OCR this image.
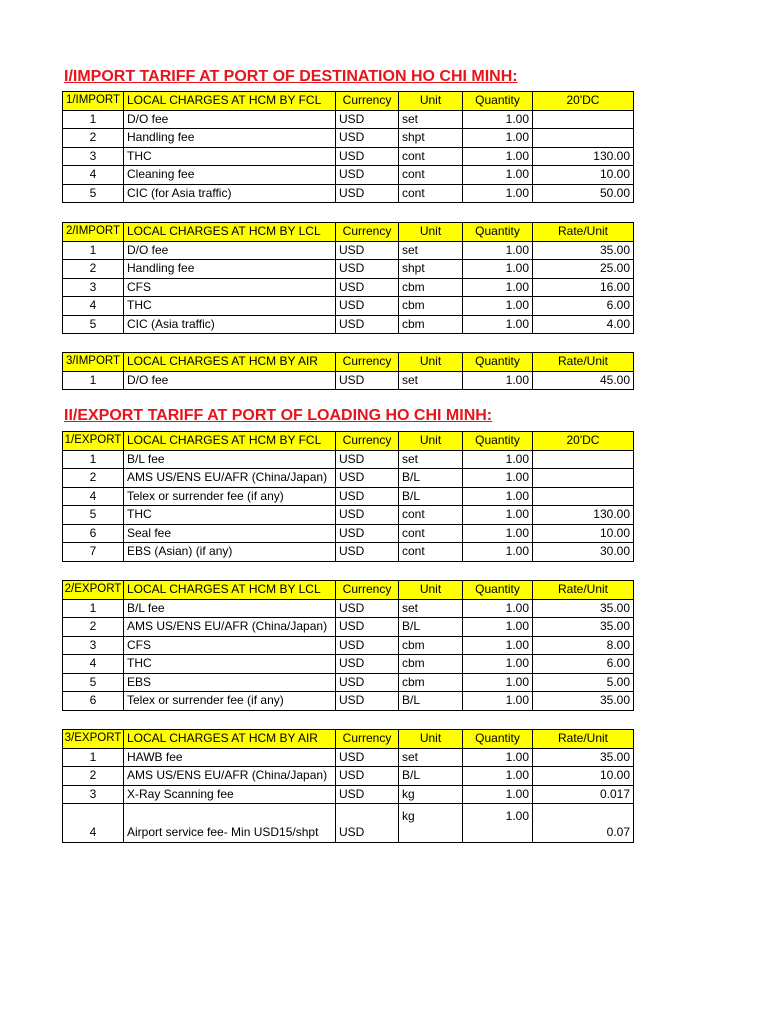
I/IMPORT TARIFF AT PORT OF DESTINATION HO CHI MINH:
1/IMPORT	LOCAL CHARGES AT HCM BY FCL	Currency	Unit	Quantity	20'DC
1	D/O fee	USD	set	1.00	
2	Handling fee	USD	shpt	1.00	
3	THC	USD	cont	1.00	130.00
4	Cleaning fee	USD	cont	1.00	10.00
5	CIC (for Asia traffic)	USD	cont	1.00	50.00
2/IMPORT	LOCAL CHARGES AT HCM BY LCL	Currency	Unit	Quantity	Rate/Unit
1	D/O fee	USD	set	1.00	35.00
2	Handling fee	USD	shpt	1.00	25.00
3	CFS	USD	cbm	1.00	16.00
4	THC	USD	cbm	1.00	6.00
5	CIC (Asia traffic)	USD	cbm	1.00	4.00
3/IMPORT	LOCAL CHARGES AT HCM BY AIR	Currency	Unit	Quantity	Rate/Unit
1	D/O fee	USD	set	1.00	45.00
II/EXPORT TARIFF AT PORT OF LOADING HO CHI MINH:
1/EXPORT	LOCAL CHARGES AT HCM BY FCL	Currency	Unit	Quantity	20'DC
1	B/L fee	USD	set	1.00	
2	AMS US/ENS EU/AFR (China/Japan)	USD	B/L	1.00	
4	Telex or surrender fee (if any)	USD	B/L	1.00	
5	THC	USD	cont	1.00	130.00
6	Seal fee	USD	cont	1.00	10.00
7	EBS (Asian) (if any)	USD	cont	1.00	30.00
2/EXPORT	LOCAL CHARGES AT HCM BY LCL	Currency	Unit	Quantity	Rate/Unit
1	B/L fee	USD	set	1.00	35.00
2	AMS US/ENS EU/AFR (China/Japan)	USD	B/L	1.00	35.00
3	CFS	USD	cbm	1.00	8.00
4	THC	USD	cbm	1.00	6.00
5	EBS	USD	cbm	1.00	5.00
6	Telex or surrender fee (if any)	USD	B/L	1.00	35.00
3/EXPORT	LOCAL CHARGES AT HCM BY AIR	Currency	Unit	Quantity	Rate/Unit
1	HAWB fee	USD	set	1.00	35.00
2	AMS US/ENS EU/AFR (China/Japan)	USD	B/L	1.00	10.00
3	X-Ray Scanning fee	USD	kg	1.00	0.017
4	Airport service fee- Min USD15/shpt	USD	kg	1.00	0.07
